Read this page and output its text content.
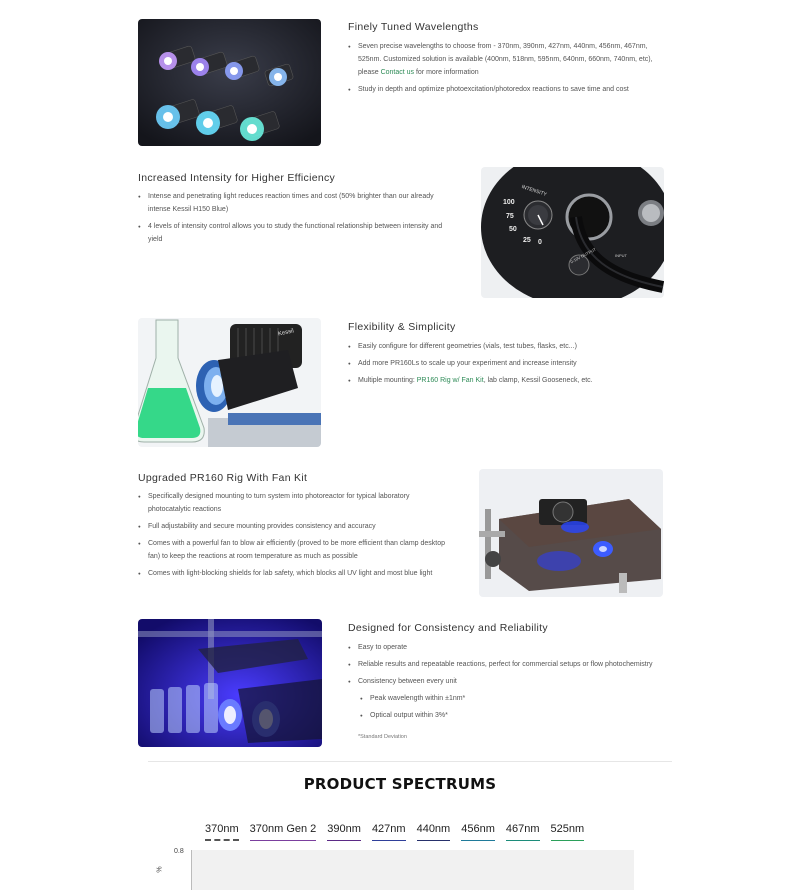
Finely Tuned Wavelengths
● Seven precise wavelengths to choose from - 370nm, 390nm, 427nm, 440nm, 456nm, 467nm, 525nm. Customized solution is available (400nm, 518nm, 595nm, 640nm, 660nm, 740nm, etc), please Contact us for more information
● Study in depth and optimize photoexcitation/photoredox reactions to save time and cost
Increased Intensity for Higher Efficiency
● Intense and penetrating light reduces reaction times and cost (50% brighter than our already intense Kessil H150 Blue)
● 4 levels of intensity control allows you to study the functional relationship between intensity and yield
INTENSITY
100
75
50
25 0
0-10V OUTPUT	INPUT
Kessil	Flexibility & Simplicity
● Easily configure for different geometries (vials, test tubes, flasks, etc...)
● Add more PR160Ls to scale up your experiment and increase intensity
● Multiple mounting: PR160 Rig w/ Fan Kit, lab clamp, Kessil Gooseneck, etc.
Upgraded PR160 Rig With Fan Kit
● Specifically designed mounting to turn system into photoreactor for typical laboratory photocatalytic reactions
● Full adjustability and secure mounting provides consistency and accuracy
● Comes with a powerful fan to blow air efficiently (proved to be more efficient than clamp desktop fan) to keep the reactions at room temperature as much as possible
● Comes with light-blocking shields for lab safety, which blocks all UV light and most blue light
Designed for Consistency and Reliability
● Easy to operate
● Reliable results and repeatable reactions, perfect for commercial setups or flow photochemistry
● Consistency between every unit
● Peak wavelength within ±1nm*
● Optical output within 3%*
*Standard Deviation
PRODUCT SPECTRUMS
370nm 370nm Gen 2 390nm 427nm 440nm 456nm 467nm 525nm
0.8
%
